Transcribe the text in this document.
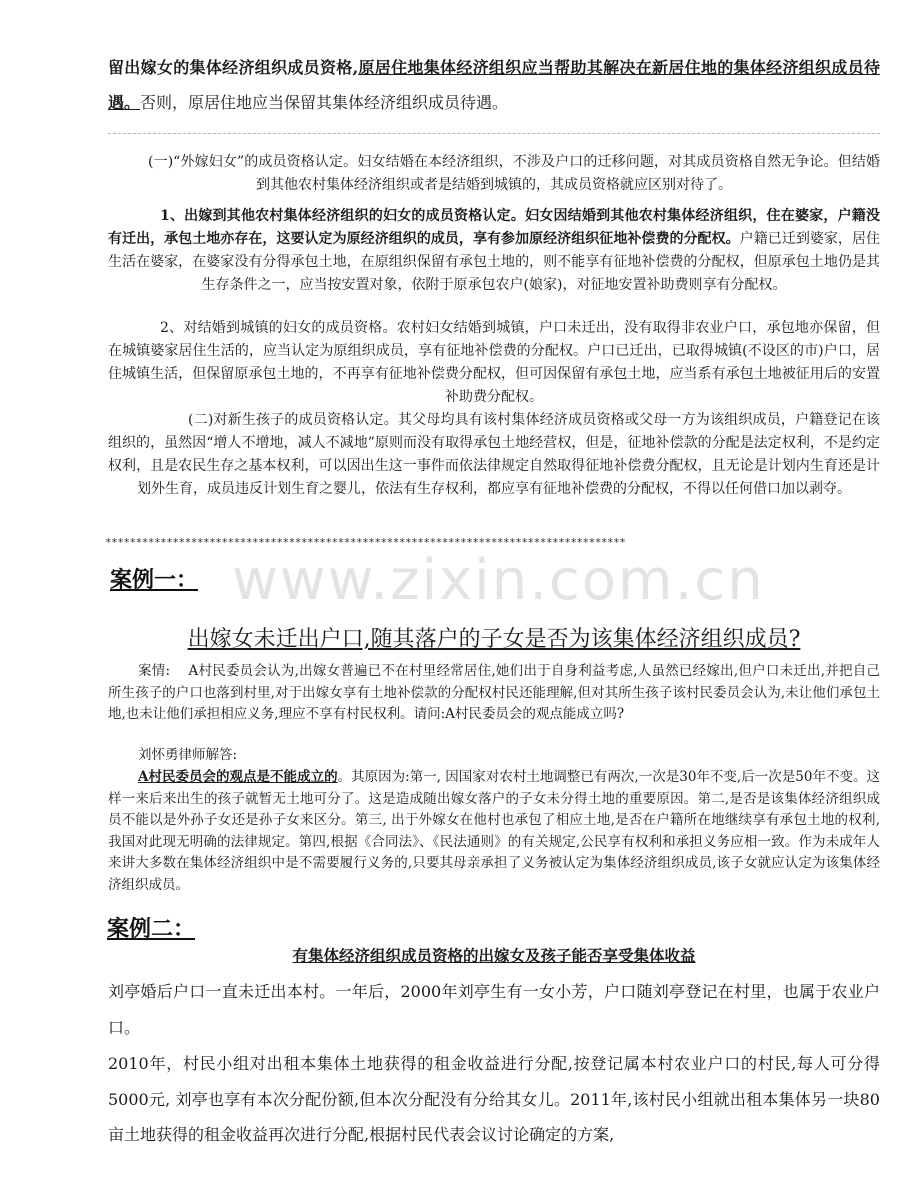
留出嫁女的集体经济组织成员资格,原居住地集体经济组织应当帮助其解决在新居住地的集体经济组织成员待遇。否则，原居住地应当保留其集体经济组织成员待遇。

(一)“外嫁妇女”的成员资格认定。妇女结婚在本经济组织，不涉及户口的迁移问题，对其成员资格自然无争论。但结婚到其他农村集体经济组织或者是结婚到城镇的，其成员资格就应区别对待了。

1、出嫁到其他农村集体经济组织的妇女的成员资格认定。妇女因结婚到其他农村集体经济组织，住在婆家，户籍没有迁出，承包土地亦存在，这要认定为原经济组织的成员，享有参加原经济组织征地补偿费的分配权。户籍已迁到婆家，居住生活在婆家，在婆家没有分得承包土地，在原组织保留有承包土地的，则不能享有征地补偿费的分配权，但原承包土地仍是其生存条件之一，应当按安置对象，依附于原承包农户(娘家)，对征地安置补助费则享有分配权。

2、对结婚到城镇的妇女的成员资格。农村妇女结婚到城镇，户口未迁出，没有取得非农业户口，承包地亦保留，但在城镇婆家居住生活的，应当认定为原组织成员，享有征地补偿费的分配权。户口已迁出，已取得城镇(不设区的市)户口，居住城镇生活，但保留原承包土地的，不再享有征地补偿费分配权，但可因保留有承包土地，应当系有承包土地被征用后的安置补助费分配权。

(二)对新生孩子的成员资格认定。其父母均具有该村集体经济成员资格或父母一方为该组织成员，户籍登记在该组织的，虽然因“增人不增地，减人不减地”原则而没有取得承包土地经营权，但是，征地补偿款的分配是法定权利，不是约定权利，且是农民生存之基本权利，可以因出生这一事件而依法律规定自然取得征地补偿费分配权，且无论是计划内生育还是计划外生育，成员违反计划生育之婴儿，依法有生存权利，都应享有征地补偿费的分配权，不得以任何借口加以剥夺。

*************************************************************************************
www.zixin.com.cn
案例一：
出嫁女未迁出户口,随其落户的子女是否为该集体经济组织成员?

案情:　 A村民委员会认为,出嫁女普遍已不在村里经常居住,她们出于自身利益考虑,人虽然已经嫁出,但户口未迁出,并把自己所生孩子的户口也落到村里,对于出嫁女享有土地补偿款的分配权村民还能理解,但对其所生孩子该村民委员会认为,未让他们承包土地,也未让他们承担相应义务,理应不享有村民权利。请问:A村民委员会的观点能成立吗?

刘怀勇律师解答:

A村民委员会的观点是不能成立的。其原因为:第一, 因国家对农村土地调整已有两次,一次是30年不变,后一次是50年不变。这样一来后来出生的孩子就暂无土地可分了。这是造成随出嫁女落户的子女未分得土地的重要原因。第二,是否是该集体经济组织成员不能以是外孙子女还是孙子女来区分。第三, 出于外嫁女在他村也承包了相应土地,是否在户籍所在地继续享有承包土地的权利,我国对此现无明确的法律规定。第四,根据《合同法》、《民法通则》的有关规定,公民享有权利和承担义务应相一致。作为未成年人来讲大多数在集体经济组织中是不需要履行义务的,只要其母亲承担了义务被认定为集体经济组织成员,该子女就应认定为该集体经济组织成员。

案例二：
有集体经济组织成员资格的出嫁女及孩子能否享受集体收益

刘亭婚后户口一直未迁出本村。一年后，2000年刘亭生有一女小芳，户口随刘亭登记在村里，也属于农业户口。

2010年，村民小组对出租本集体土地获得的租金收益进行分配,按登记属本村农业户口的村民,每人可分得5000元, 刘亭也享有本次分配份额,但本次分配没有分给其女儿。2011年,该村民小组就出租本集体另一块80亩土地获得的租金收益再次进行分配,根据村民代表会议讨论确定的方案,
